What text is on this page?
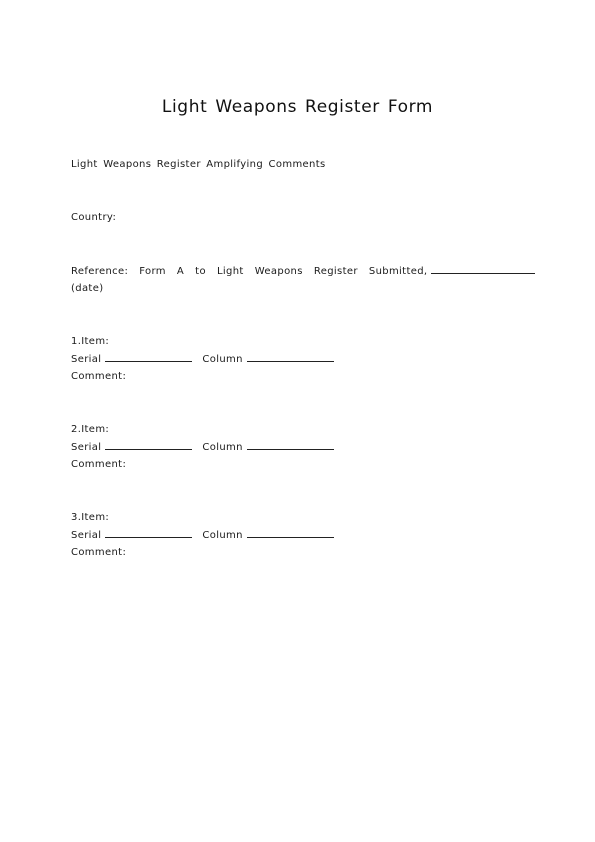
Light Weapons Register Form
Light Weapons Register Amplifying Comments
Country:
Reference:  Form  A  to  Light  Weapons  Register  Submitted,
(date)
1.Item:
Serial	Column
Comment:
2.Item:
Serial	Column
Comment:
3.Item:
Serial	Column
Comment:
